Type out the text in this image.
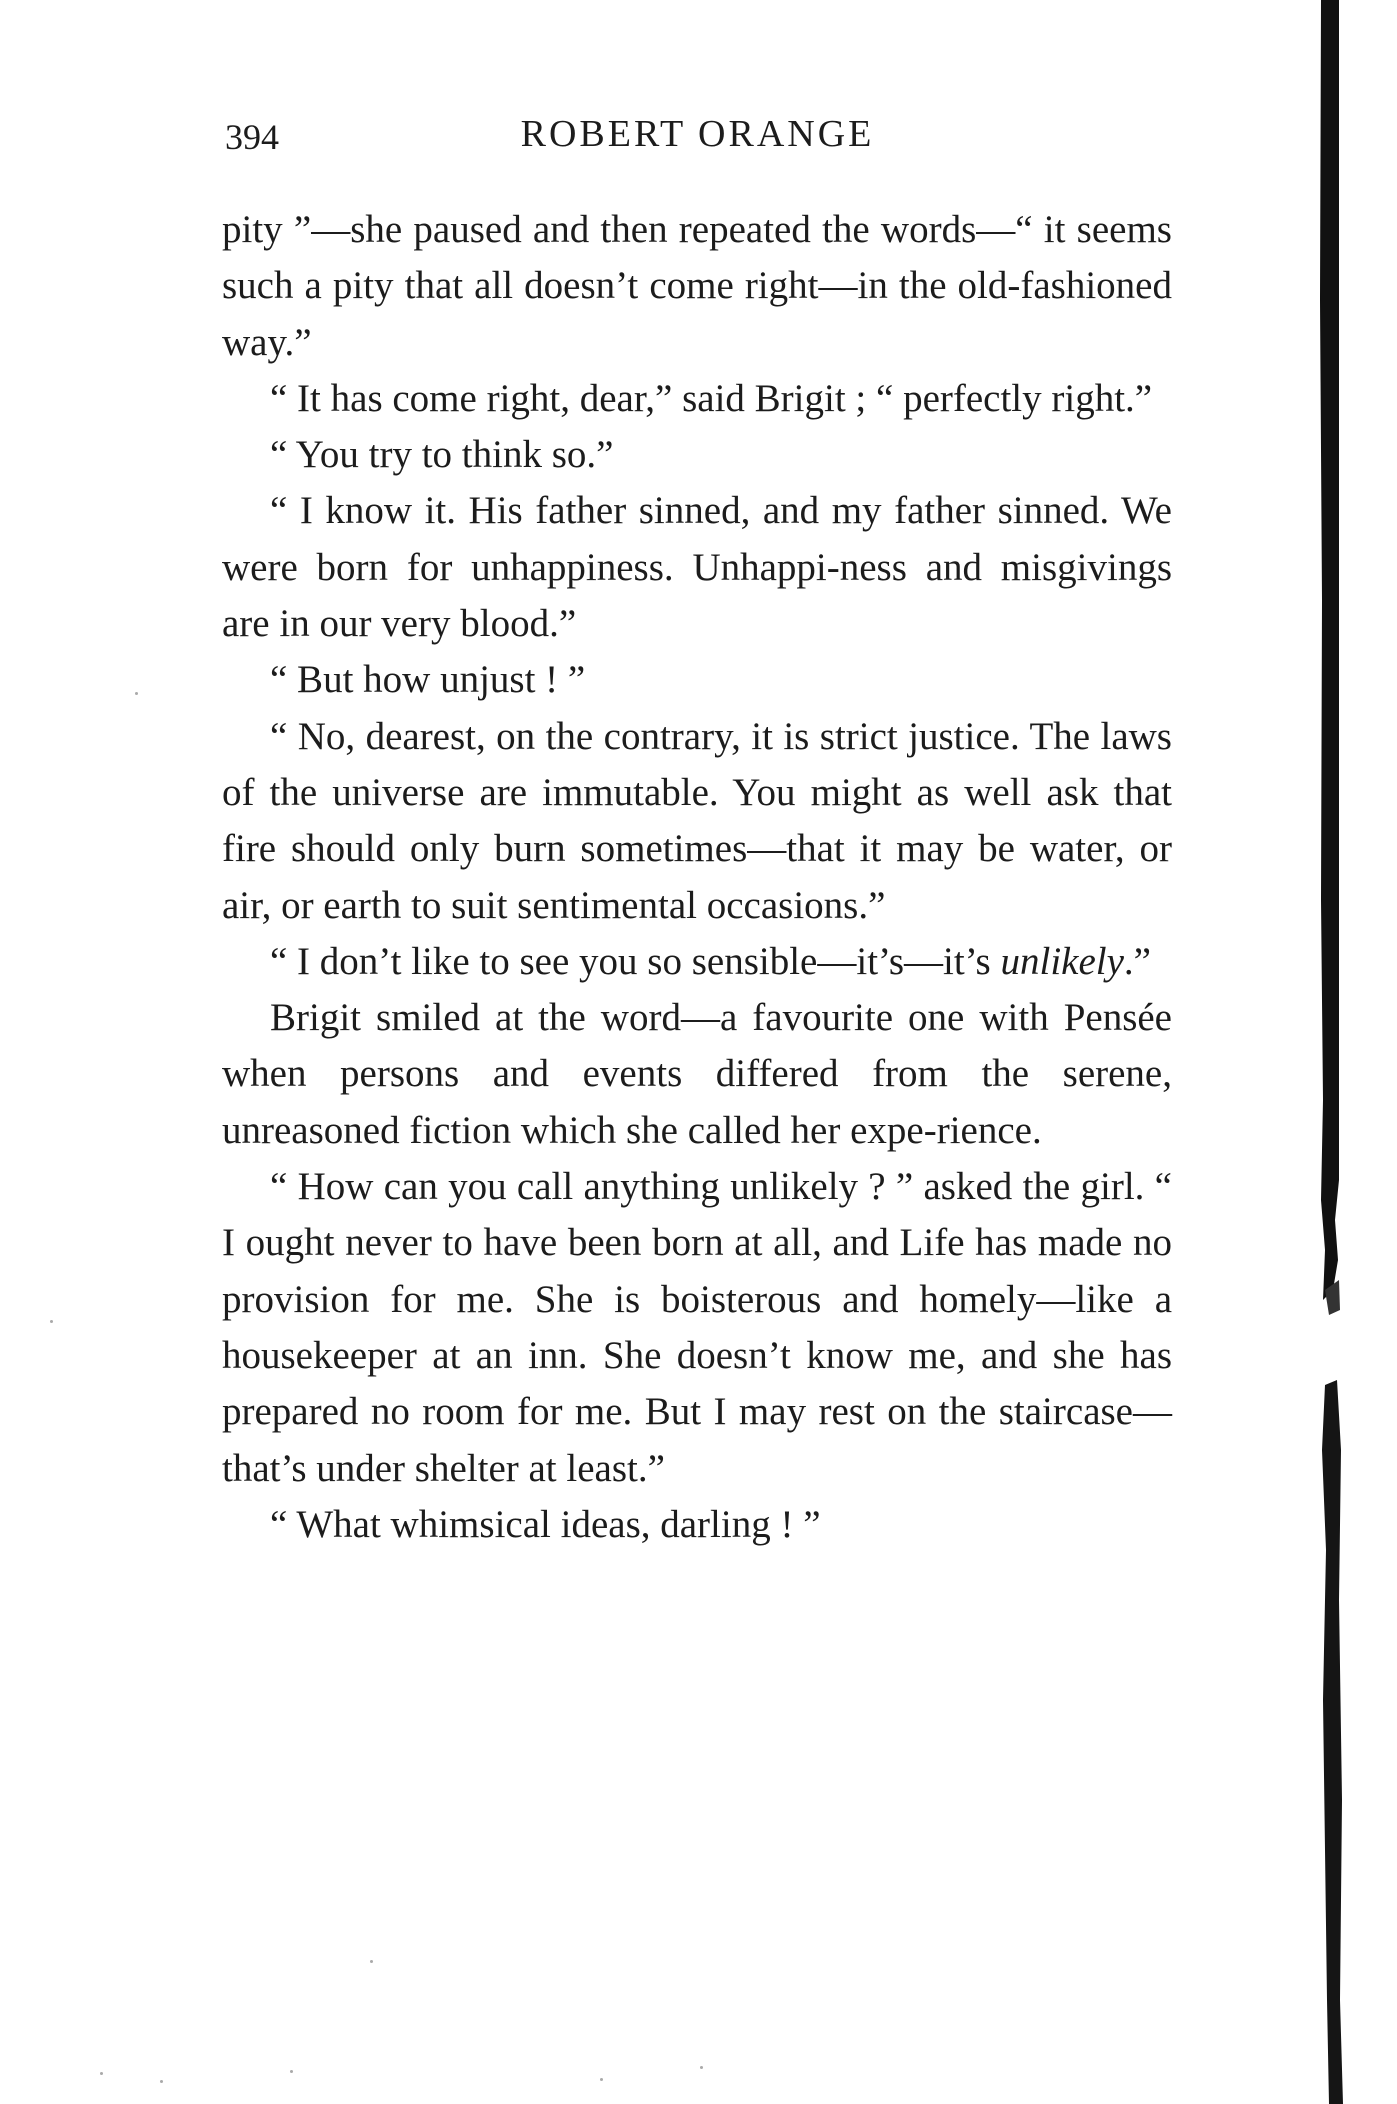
394	ROBERT ORANGE

pity ”—she paused and then repeated the words—“ it seems such a pity that all doesn’t come right—in the old-fashioned way.”

“ It has come right, dear,” said Brigit ; “ perfectly right.”

“ You try to think so.”

“ I know it. His father sinned, and my father sinned. We were born for unhappiness. Unhappi-ness and misgivings are in our very blood.”

“ But how unjust ! ”

“ No, dearest, on the contrary, it is strict justice. The laws of the universe are immutable. You might as well ask that fire should only burn sometimes—that it may be water, or air, or earth to suit sentimental occasions.”

“ I don’t like to see you so sensible—it’s—it’s unlikely.”

Brigit smiled at the word—a favourite one with Pensée when persons and events differed from the serene, unreasoned fiction which she called her expe-rience.

“ How can you call anything unlikely ? ” asked the girl. “ I ought never to have been born at all, and Life has made no provision for me. She is boisterous and homely—like a housekeeper at an inn. She doesn’t know me, and she has prepared no room for me. But I may rest on the staircase—that’s under shelter at least.”

“ What whimsical ideas, darling ! ”
